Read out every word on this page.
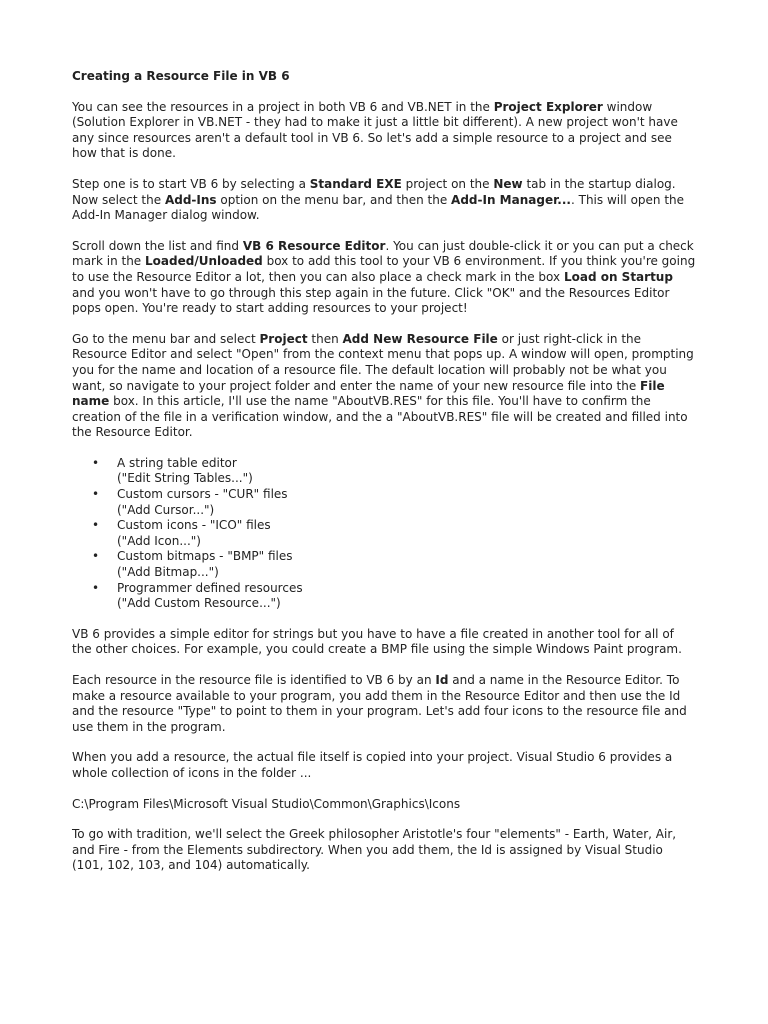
Creating a Resource File in VB 6

You can see the resources in a project in both VB 6 and VB.NET in the Project Explorer window (Solution Explorer in VB.NET - they had to make it just a little bit different). A new project won't have any since resources aren't a default tool in VB 6. So let's add a simple resource to a project and see how that is done.

Step one is to start VB 6 by selecting a Standard EXE project on the New tab in the startup dialog. Now select the Add-Ins option on the menu bar, and then the Add-In Manager.... This will open the Add-In Manager dialog window.

Scroll down the list and find VB 6 Resource Editor. You can just double-click it or you can put a check mark in the Loaded/Unloaded box to add this tool to your VB 6 environment. If you think you're going to use the Resource Editor a lot, then you can also place a check mark in the box Load on Startup and you won't have to go through this step again in the future. Click "OK" and the Resources Editor pops open. You're ready to start adding resources to your project!

Go to the menu bar and select Project then Add New Resource File or just right-click in the Resource Editor and select "Open" from the context menu that pops up. A window will open, prompting you for the name and location of a resource file. The default location will probably not be what you want, so navigate to your project folder and enter the name of your new resource file into the File name box. In this article, I'll use the name "AboutVB.RES" for this file. You'll have to confirm the creation of the file in a verification window, and the a "AboutVB.RES" file will be created and filled into the Resource Editor.

• A string table editor
("Edit String Tables...")
• Custom cursors - "CUR" files
("Add Cursor...")
• Custom icons - "ICO" files
("Add Icon...")
• Custom bitmaps - "BMP" files
("Add Bitmap...")
• Programmer defined resources
("Add Custom Resource...")

VB 6 provides a simple editor for strings but you have to have a file created in another tool for all of the other choices. For example, you could create a BMP file using the simple Windows Paint program.

Each resource in the resource file is identified to VB 6 by an Id and a name in the Resource Editor. To make a resource available to your program, you add them in the Resource Editor and then use the Id and the resource "Type" to point to them in your program. Let's add four icons to the resource file and use them in the program.

When you add a resource, the actual file itself is copied into your project. Visual Studio 6 provides a whole collection of icons in the folder ...

C:\Program Files\Microsoft Visual Studio\Common\Graphics\Icons

To go with tradition, we'll select the Greek philosopher Aristotle's four "elements" - Earth, Water, Air, and Fire - from the Elements subdirectory. When you add them, the Id is assigned by Visual Studio (101, 102, 103, and 104) automatically.
